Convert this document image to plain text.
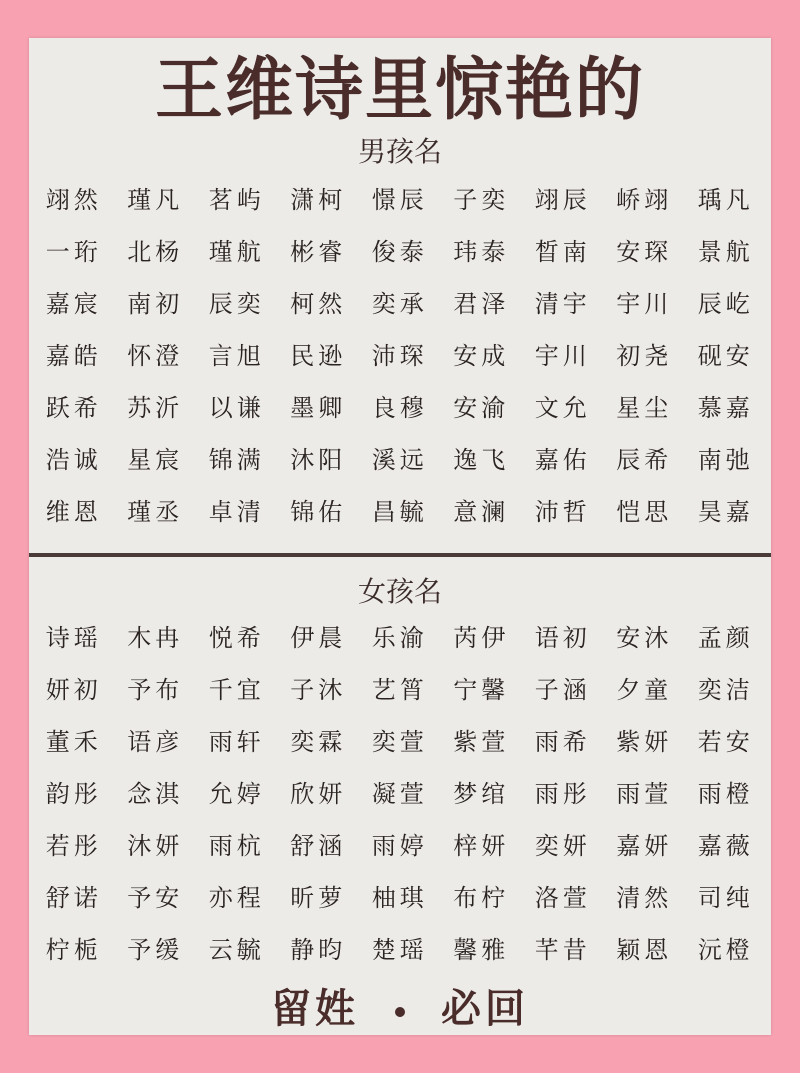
王维诗里惊艳的
男孩名
翊然	瑾凡	茗屿	潇柯	憬辰	子奕	翊辰	峤翊	瑀凡
一珩	北杨	瑾航	彬睿	俊泰	玮泰	晳南	安琛	景航
嘉宸	南初	辰奕	柯然	奕承	君泽	清宇	宇川	辰屹
嘉皓	怀澄	言旭	民逊	沛琛	安成	宇川	初尧	砚安
跃希	苏沂	以谦	墨卿	良穆	安渝	文允	星尘	慕嘉
浩诚	星宸	锦满	沐阳	溪远	逸飞	嘉佑	辰希	南弛
维恩	瑾丞	卓清	锦佑	昌毓	意澜	沛哲	恺思	昊嘉
女孩名
诗瑶	木冉	悦希	伊晨	乐渝	芮伊	语初	安沐	孟颜
妍初	予布	千宜	子沐	艺筲	宁馨	子涵	夕童	奕洁
董禾	语彦	雨轩	奕霖	奕萱	紫萱	雨希	紫妍	若安
韵彤	念淇	允婷	欣妍	凝萱	梦绾	雨彤	雨萱	雨橙
若彤	沐妍	雨杭	舒涵	雨婷	梓妍	奕妍	嘉妍	嘉薇
舒诺	予安	亦程	昕萝	柚琪	布柠	洛萱	清然	司纯
柠栀	予缓	云毓	静昀	楚瑶	馨雅	芊昔	颖恩	沅橙
留姓 必回
